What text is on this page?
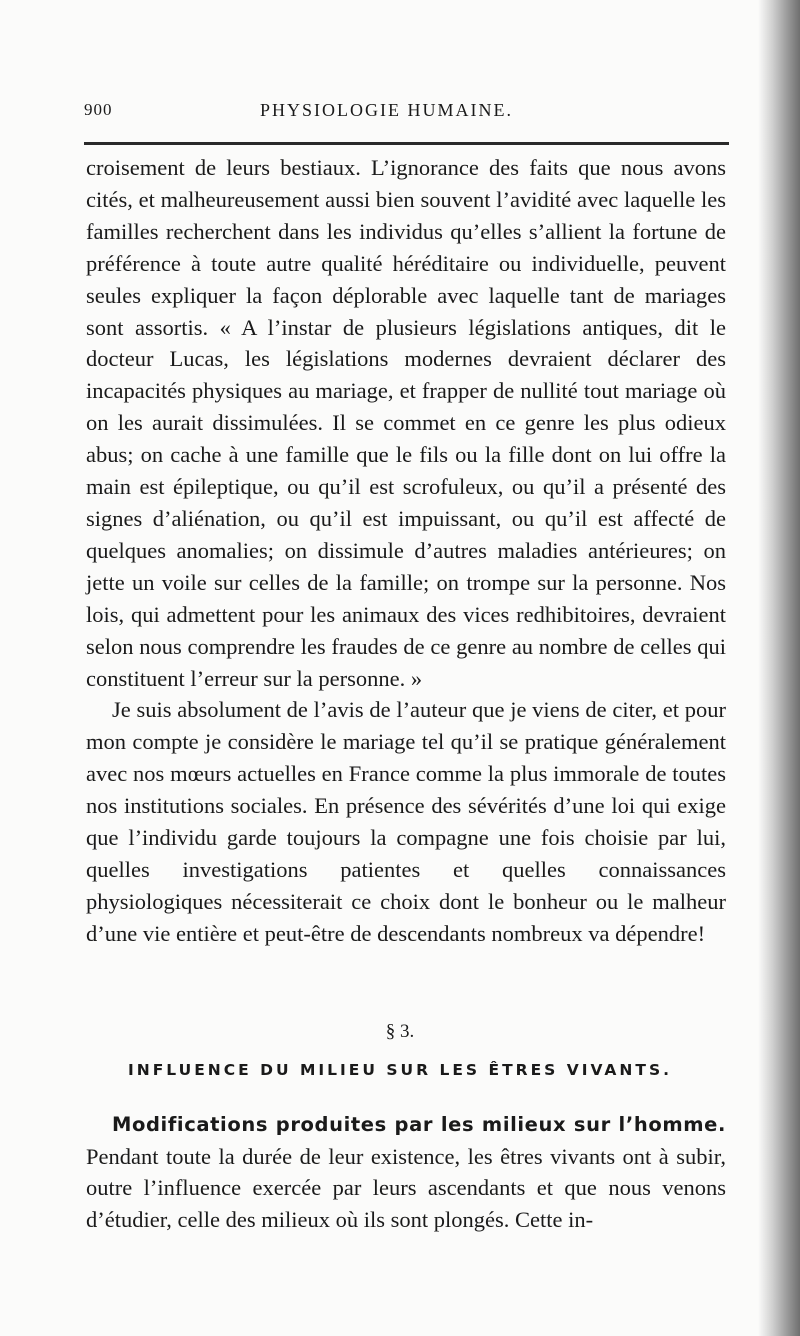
900	PHYSIOLOGIE HUMAINE.

croisement de leurs bestiaux. L’ignorance des faits que nous avons cités, et malheureusement aussi bien souvent l’avidité avec laquelle les familles recherchent dans les individus qu’elles s’allient la fortune de préférence à toute autre qualité héréditaire ou individuelle, peuvent seules expliquer la façon déplorable avec laquelle tant de mariages sont assortis. « A l’instar de plusieurs législations antiques, dit le docteur Lucas, les législations modernes devraient déclarer des incapacités physiques au mariage, et frapper de nullité tout mariage où on les aurait dissimulées. Il se commet en ce genre les plus odieux abus; on cache à une famille que le fils ou la fille dont on lui offre la main est épileptique, ou qu’il est scrofuleux, ou qu’il a présenté des signes d’aliénation, ou qu’il est impuissant, ou qu’il est affecté de quelques anomalies; on dissimule d’autres maladies antérieures; on jette un voile sur celles de la famille; on trompe sur la personne. Nos lois, qui admettent pour les animaux des vices redhibitoires, devraient selon nous comprendre les fraudes de ce genre au nombre de celles qui constituent l’erreur sur la personne. »

Je suis absolument de l’avis de l’auteur que je viens de citer, et pour mon compte je considère le mariage tel qu’il se pratique généralement avec nos mœurs actuelles en France comme la plus immorale de toutes nos institutions sociales. En présence des sévérités d’une loi qui exige que l’individu garde toujours la compagne une fois choisie par lui, quelles investigations patientes et quelles connaissances physiologiques nécessiterait ce choix dont le bonheur ou le malheur d’une vie entière et peut-être de descendants nombreux va dépendre!

§ 3.
INFLUENCE DU MILIEU SUR LES ÊTRES VIVANTS.

Modifications produites par les milieux sur l’homme. Pendant toute la durée de leur existence, les êtres vivants ont à subir, outre l’influence exercée par leurs ascendants et que nous venons d’étudier, celle des milieux où ils sont plongés. Cette in-
